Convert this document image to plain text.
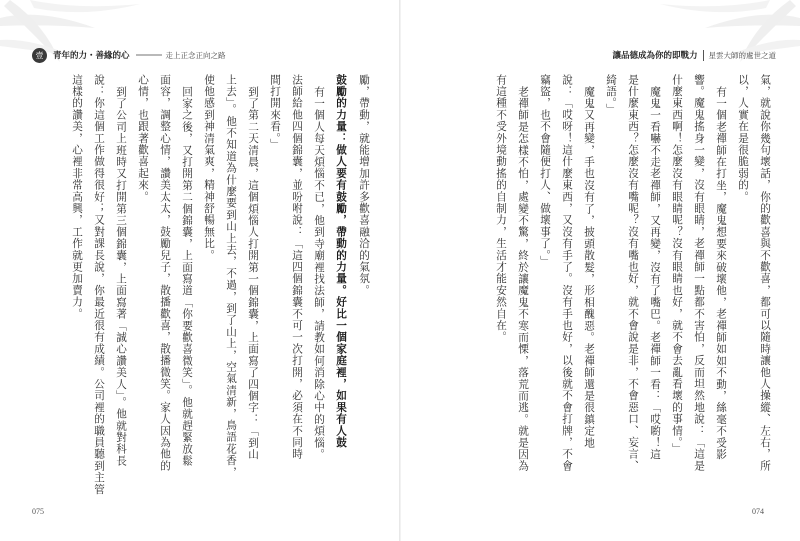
壹	青年的力・善緣的心	走上正念正向之路	讓品德成為你的即戰力 星雲大師的處世之道
勵，帶動，就能增加許多歡喜融洽的氣氛。
鼓勵的力量：做人要有鼓勵，帶動的力量。好比一個家庭裡，如果有人鼓
有一個人每天煩惱不已，他到寺廟裡找法師，請教如何消除心中的煩惱。
法師給他四個錦囊，並吩咐說：「這四個錦囊不可一次打開，必須在不同時
間打開來看。」
到了第二天清晨，這個煩惱人打開第一個錦囊，上面寫了四個字：「到山
上去」。他不知道為什麼要到山上去，不過，到了山上，空氣清新，鳥語花香，
使他感到神清氣爽，精神舒暢無比。
回家之後，又打開第二個錦囊，上面寫道「你要歡喜微笑」。他就趕緊放鬆
面容，調整心情，讚美太太，鼓勵兒子，散播歡喜，散播微笑。家人因為他的
心情，也跟著歡喜起來。
到了公司上班時又打開第三個錦囊，上面寫著「誠心讚美人」。他就對科長
說：你這個工作做得很好；又對課長說，你最近很有成績。公司裡的職員聽到主管
這樣的讚美，心裡非常高興，工作就更加賣力。	氣，就說你幾句壞話，你的歡喜與不歡喜，都可以隨時讓他人操縱、左右，所
以，人實在是很脆弱的。
有一個老禪師在打坐，魔鬼想要來破壞他，老禪師如如不動，絲毫不受影
響。魔鬼搖身一變，沒有眼睛，老禪師一點都不害怕，反而坦然地說：「這是
什麼東西啊！怎麼沒有眼睛呢？沒有眼睛也好，就不會去亂看壞的事情。」
魔鬼一看嚇不走老禪師，又再變，沒有了嘴巴。老禪師一看：「哎喲！這
是什麼東西？怎麼沒有嘴呢？沒有嘴也好，就不會說是非，不會惡口、妄言、
綺語。」
魔鬼又再變，手也沒有了，披頭散髮，形相醜惡。老禪師還是很鎮定地
說：「哎呀！這什麼東西，又沒有手了。沒有手也好，以後就不會打牌，不會
竊盜，也不會隨便打人、做壞事了。」
老禪師是怎樣不怕，處變不驚，終於讓魔鬼不寒而慄，落荒而逃。就是因為
有這種不受外境動搖的自制力，生活才能安然自在。
075	074
